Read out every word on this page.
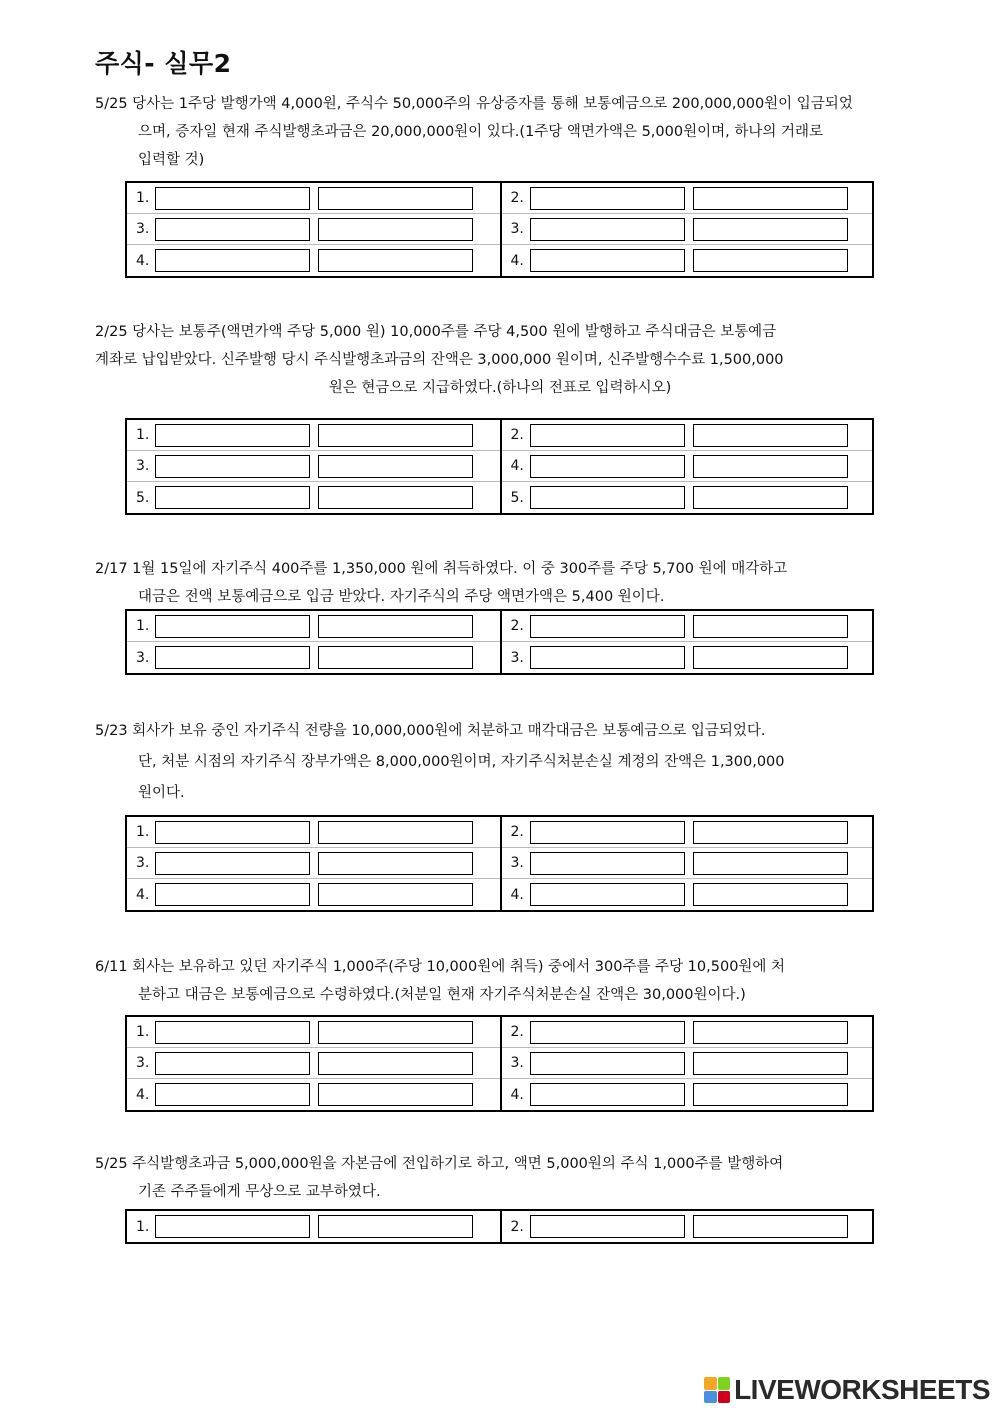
주식- 실무2
5/25 당사는 1주당 발행가액 4,000원, 주식수 50,000주의 유상증자를 통해 보통예금으로 200,000,000원이 입금되었
으며, 증자일 현재 주식발행초과금은 20,000,000원이 있다.(1주당 액면가액은 5,000원이며, 하나의 거래로
입력할 것)
1.
3.
4.
2.
3.
4.
2/25 당사는 보통주(액면가액 주당 5,000 원) 10,000주를 주당 4,500 원에 발행하고 주식대금은 보통예금
계좌로 납입받았다. 신주발행 당시 주식발행초과금의 잔액은 3,000,000 원이며, 신주발행수수료 1,500,000
원은 현금으로 지급하였다.(하나의 전표로 입력하시오)
1.
3.
5.
2.
4.
5.
2/17 1월 15일에 자기주식 400주를 1,350,000 원에 취득하였다. 이 중 300주를 주당 5,700 원에 매각하고
대금은 전액 보통예금으로 입금 받았다. 자기주식의 주당 액면가액은 5,400 원이다.
1.
3.
2.
3.
5/23 회사가 보유 중인 자기주식 전량을 10,000,000원에 처분하고 매각대금은 보통예금으로 입금되었다.
단, 처분 시점의 자기주식 장부가액은 8,000,000원이며, 자기주식처분손실 계정의 잔액은 1,300,000
원이다.
1.
3.
4.
2.
3.
4.
6/11 회사는 보유하고 있던 자기주식 1,000주(주당 10,000원에 취득) 중에서 300주를 주당 10,500원에 처
분하고 대금은 보통예금으로 수령하였다.(처분일 현재 자기주식처분손실 잔액은 30,000원이다.)
1.
3.
4.
2.
3.
4.
5/25 주식발행초과금 5,000,000원을 자본금에 전입하기로 하고, 액면 5,000원의 주식 1,000주를 발행하여
기존 주주들에게 무상으로 교부하였다.
1.	2.
LIVEWORKSHEETS
